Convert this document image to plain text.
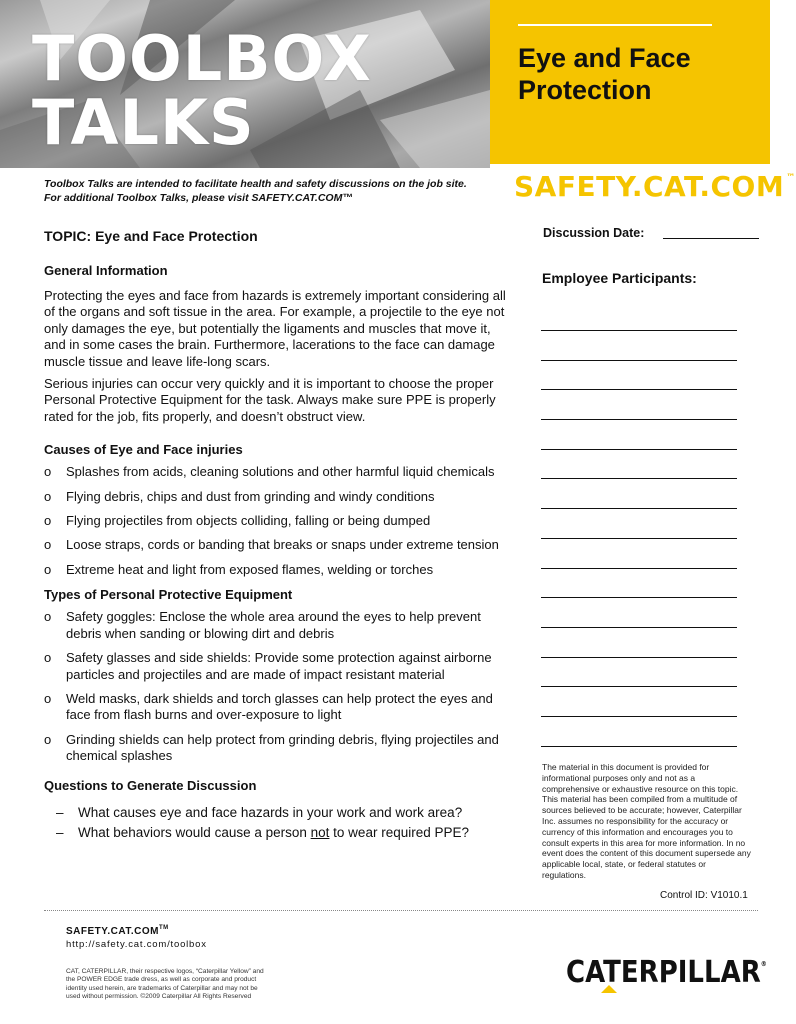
TOOLBOX
TALKS
Eye and Face Protection
SAFETY.CAT.COM ™
Toolbox Talks are intended to facilitate health and safety discussions on the job site.
For additional Toolbox Talks, please visit SAFETY.CAT.COM™
TOPIC: Eye and Face Protection
General Information

Protecting the eyes and face from hazards is extremely important considering all of the organs and soft tissue in the area. For example, a projectile to the eye not only damages the eye, but potentially the ligaments and muscles that move it, and in some cases the brain. Furthermore, lacerations to the face can damage muscle tissue and leave life-long scars.

Serious injuries can occur very quickly and it is important to choose the proper Personal Protective Equipment for the task. Always make sure PPE is properly rated for the job, fits properly, and doesn’t obstruct view.

Causes of Eye and Face injuries
o Splashes from acids, cleaning solutions and other harmful liquid chemicals
o Flying debris, chips and dust from grinding and windy conditions
o Flying projectiles from objects colliding, falling or being dumped
o Loose straps, cords or banding that breaks or snaps under extreme tension
o Extreme heat and light from exposed flames, welding or torches
Types of Personal Protective Equipment
o Safety goggles: Enclose the whole area around the eyes to help prevent debris when sanding or blowing dirt and debris
o Safety glasses and side shields: Provide some protection against airborne particles and projectiles and are made of impact resistant material
o Weld masks, dark shields and torch glasses can help protect the eyes and face from flash burns and over-exposure to light
o Grinding shields can help protect from grinding debris, flying projectiles and chemical splashes
Questions to Generate Discussion
– What causes eye and face hazards in your work and work area?
– What behaviors would cause a person not to wear required PPE?
Discussion Date:
Employee Participants:
The material in this document is provided for informational purposes only and not as a comprehensive or exhaustive resource on this topic. This material has been compiled from a multitude of sources believed to be accurate; however, Caterpillar Inc. assumes no responsibility for the accuracy or currency of this information and encourages you to consult experts in this area for more information. In no event does the content of this document supersede any applicable local, state, or federal statutes or regulations.
Control ID: V1010.1
SAFETY.CAT.COM™
http://safety.cat.com/toolbox
CAT, CATERPILLAR, their respective logos, “Caterpillar Yellow” and the POWER EDGE trade dress, as well as corporate and product identity used herein, are trademarks of Caterpillar and may not be used without permission. ©2009 Caterpillar All Rights Reserved
CATERPILLAR®
